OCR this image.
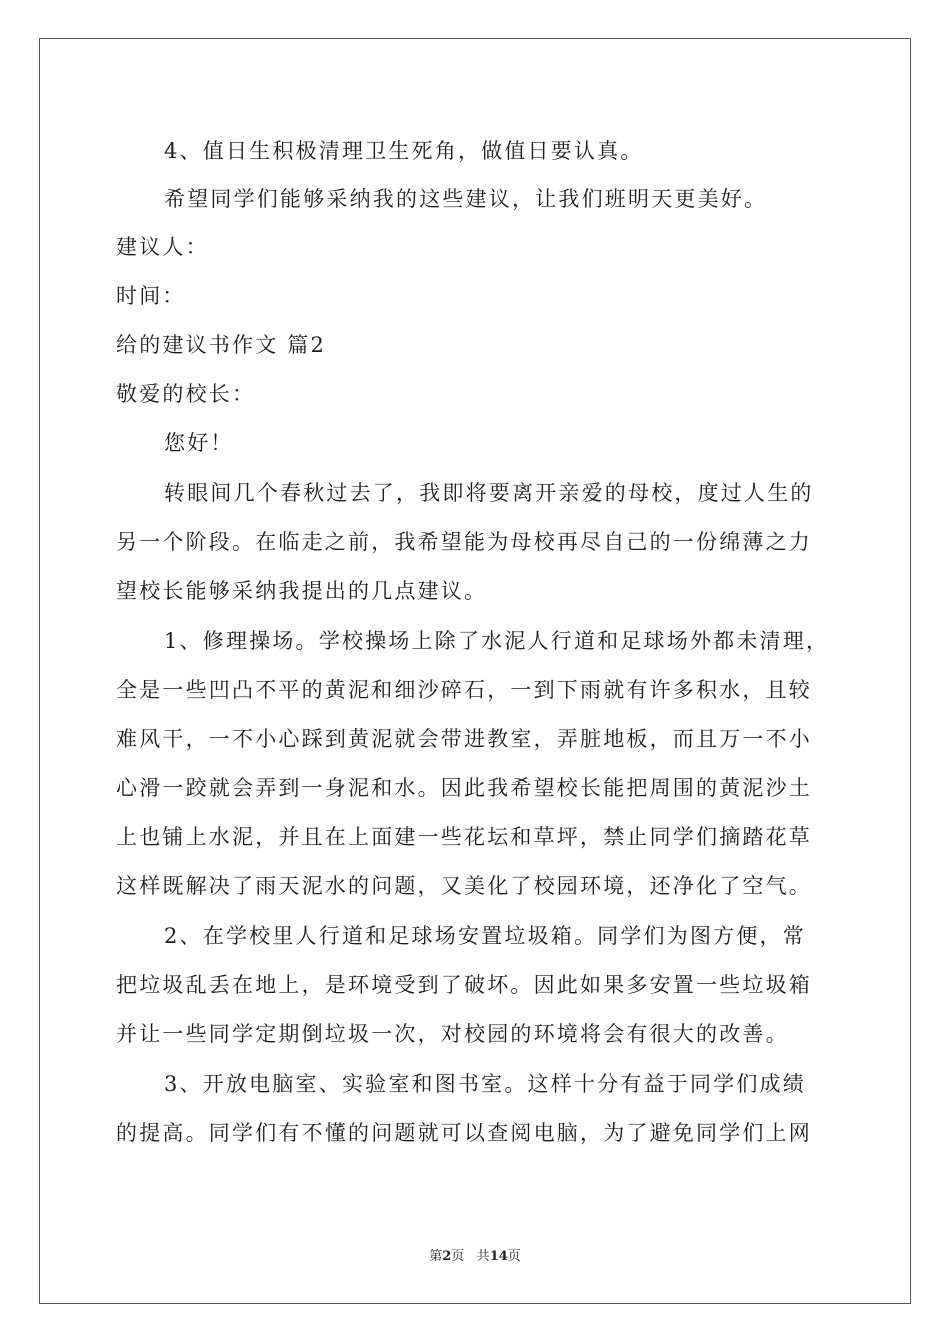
4、值日生积极清理卫生死角，做值日要认真。
希望同学们能够采纳我的这些建议，让我们班明天更美好。
建议人：
时间：
给的建议书作文 篇2
敬爱的校长：
您好！
转眼间几个春秋过去了，我即将要离开亲爱的母校，度过人生的
另一个阶段。在临走之前，我希望能为母校再尽自己的一份绵薄之力
望校长能够采纳我提出的几点建议。
1、修理操场。学校操场上除了水泥人行道和足球场外都未清理，
全是一些凹凸不平的黄泥和细沙碎石，一到下雨就有许多积水，且较
难风干，一不小心踩到黄泥就会带进教室，弄脏地板，而且万一不小
心滑一跤就会弄到一身泥和水。因此我希望校长能把周围的黄泥沙土
上也铺上水泥，并且在上面建一些花坛和草坪，禁止同学们摘踏花草
这样既解决了雨天泥水的问题，又美化了校园环境，还净化了空气。
2、在学校里人行道和足球场安置垃圾箱。同学们为图方便，常
把垃圾乱丢在地上，是环境受到了破坏。因此如果多安置一些垃圾箱
并让一些同学定期倒垃圾一次，对校园的环境将会有很大的改善。
3、开放电脑室、实验室和图书室。这样十分有益于同学们成绩
的提高。同学们有不懂的问题就可以查阅电脑，为了避免同学们上网
第2页 共14页
